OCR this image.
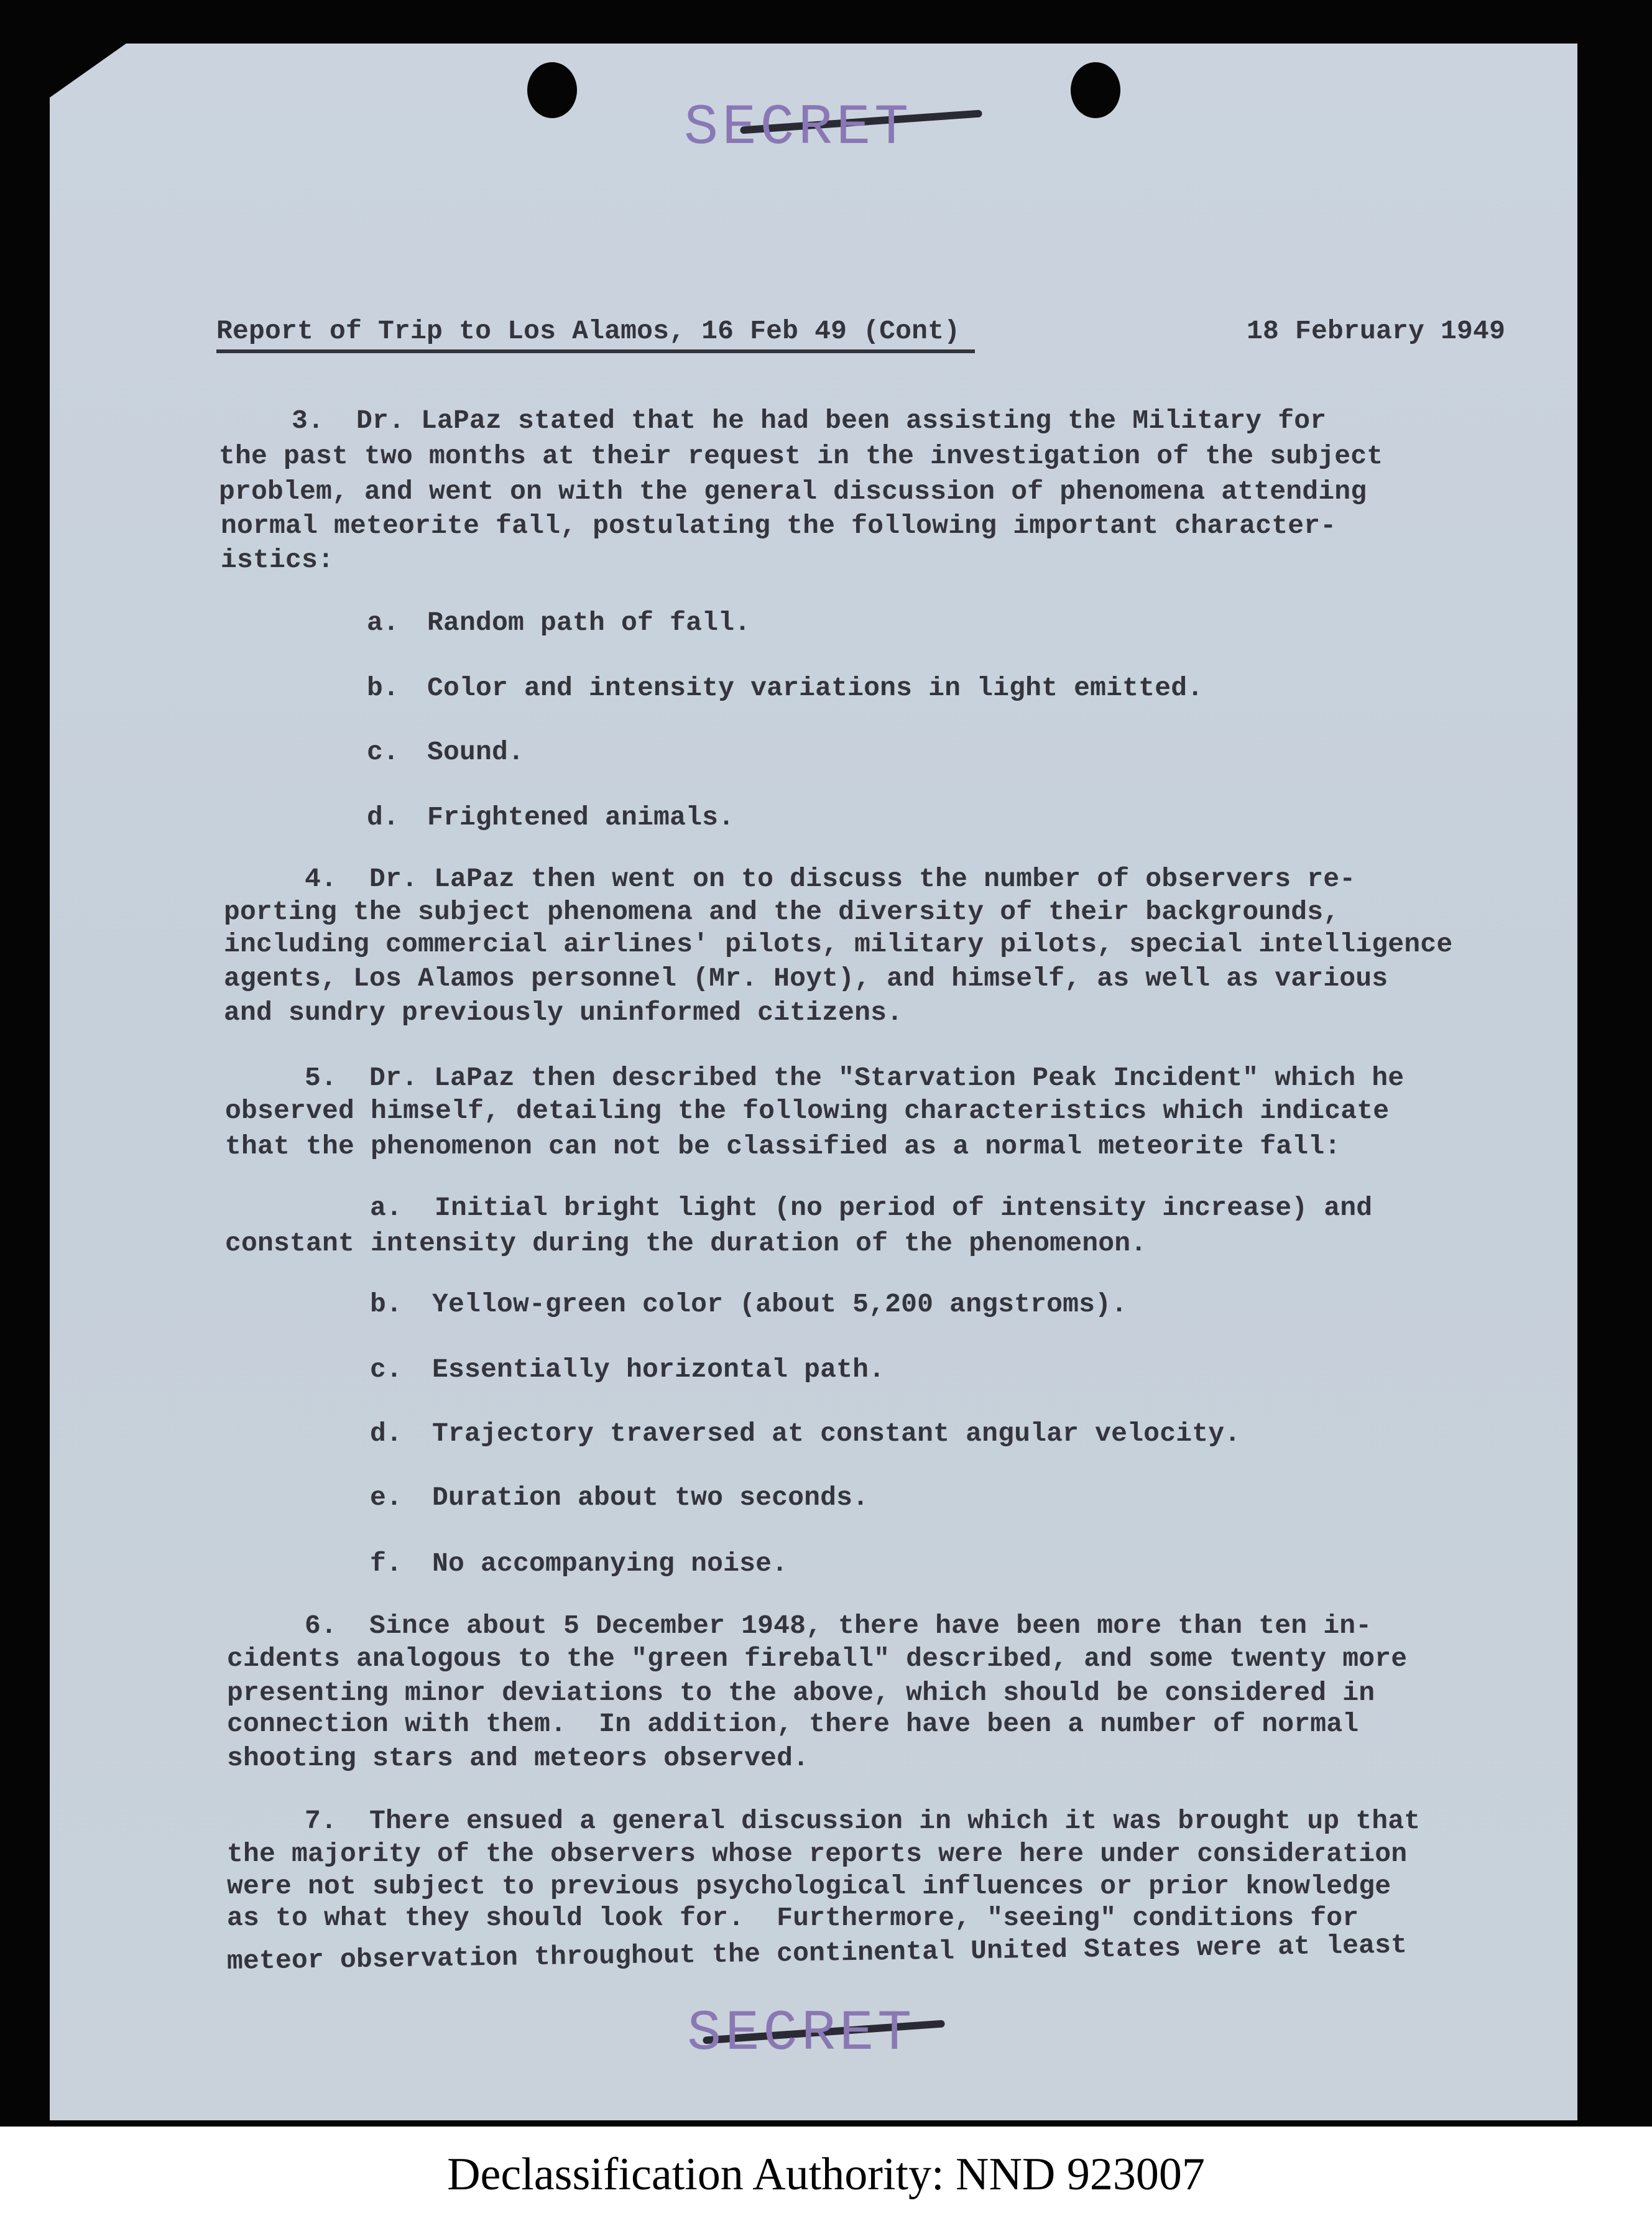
SECRET
Report of Trip to Los Alamos, 16 Feb 49 (Cont)	18 February 1949
3.  Dr. LaPaz stated that he had been assisting the Military for
the past two months at their request in the investigation of the subject
problem, and went on with the general discussion of phenomena attending
normal meteorite fall, postulating the following important character-
istics:
a. Random path of fall.
b. Color and intensity variations in light emitted.
c. Sound.
d. Frightened animals.
4.  Dr. LaPaz then went on to discuss the number of observers re-
porting the subject phenomena and the diversity of their backgrounds,
including commercial airlines' pilots, military pilots, special intelligence
agents, Los Alamos personnel (Mr. Hoyt), and himself, as well as various
and sundry previously uninformed citizens.
5.  Dr. LaPaz then described the "Starvation Peak Incident" which he
observed himself, detailing the following characteristics which indicate
that the phenomenon can not be classified as a normal meteorite fall:
a.  Initial bright light (no period of intensity increase) and
constant intensity during the duration of the phenomenon.
b. Yellow-green color (about 5,200 angstroms).
c. Essentially horizontal path.
d. Trajectory traversed at constant angular velocity.
e. Duration about two seconds.
f. No accompanying noise.
6.  Since about 5 December 1948, there have been more than ten in-
cidents analogous to the "green fireball" described, and some twenty more
presenting minor deviations to the above, which should be considered in
connection with them.  In addition, there have been a number of normal
shooting stars and meteors observed.
7.  There ensued a general discussion in which it was brought up that
the majority of the observers whose reports were here under consideration
were not subject to previous psychological influences or prior knowledge
as to what they should look for.  Furthermore, "seeing" conditions for
meteor observation throughout the continental United States were at least
SECRET
Declassification Authority: NND 923007
